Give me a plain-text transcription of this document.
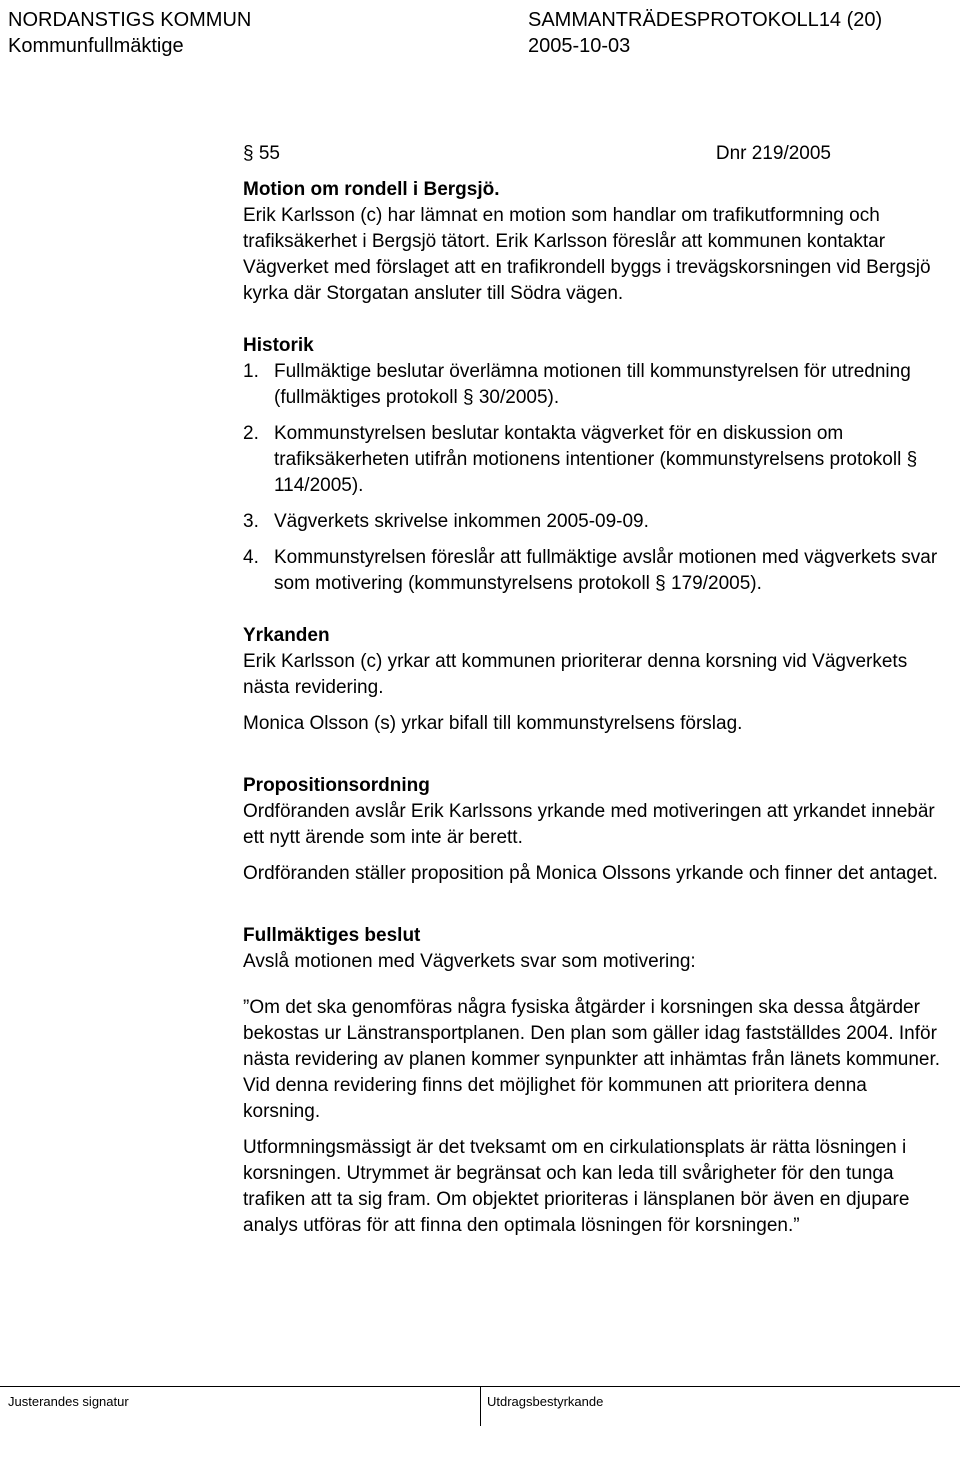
NORDANSTIGS KOMMUN	SAMMANTRÄDESPROTOKOLL14 (20)
Kommunfullmäktige	2005-10-03
§ 55	Dnr 219/2005

Motion om rondell i Bergsjö.

Erik Karlsson (c) har lämnat en motion som handlar om trafikutformning och trafiksäkerhet i Bergsjö tätort. Erik Karlsson föreslår att kommunen kontaktar Vägverket med förslaget att en trafikrondell byggs i trevägskorsningen vid Bergsjö kyrka där Storgatan ansluter till Södra vägen.

Historik

1. Fullmäktige beslutar överlämna motionen till kommunstyrelsen för utredning (fullmäktiges protokoll § 30/2005).
2. Kommunstyrelsen beslutar kontakta vägverket för en diskussion om trafiksäkerheten utifrån motionens intentioner (kommunstyrelsens protokoll § 114/2005).
3. Vägverkets skrivelse inkommen 2005-09-09.
4. Kommunstyrelsen föreslår att fullmäktige avslår motionen med vägverkets svar som motivering (kommunstyrelsens protokoll § 179/2005).

Yrkanden

Erik Karlsson (c) yrkar att kommunen prioriterar denna korsning vid Vägverkets nästa revidering.

Monica Olsson (s) yrkar bifall till kommunstyrelsens förslag.

Propositionsordning

Ordföranden avslår Erik Karlssons yrkande med motiveringen att yrkandet innebär ett nytt ärende som inte är berett.

Ordföranden ställer proposition på Monica Olssons yrkande och finner det antaget.

Fullmäktiges beslut

Avslå motionen med Vägverkets svar som motivering:

”Om det ska genomföras några fysiska åtgärder i korsningen ska dessa åtgärder bekostas ur Länstransportplanen. Den plan som gäller idag fastställdes 2004. Inför nästa revidering av planen kommer synpunkter att inhämtas från länets kommuner. Vid denna revidering finns det möjlighet för kommunen att prioritera denna korsning.

Utformningsmässigt är det tveksamt om en cirkulationsplats är rätta lösningen i korsningen. Utrymmet är begränsat och kan leda till svårigheter för den tunga trafiken att ta sig fram. Om objektet prioriteras i länsplanen bör även en djupare analys utföras för att finna den optimala lösningen för korsningen.”

Justerandes signatur	Utdragsbestyrkande
